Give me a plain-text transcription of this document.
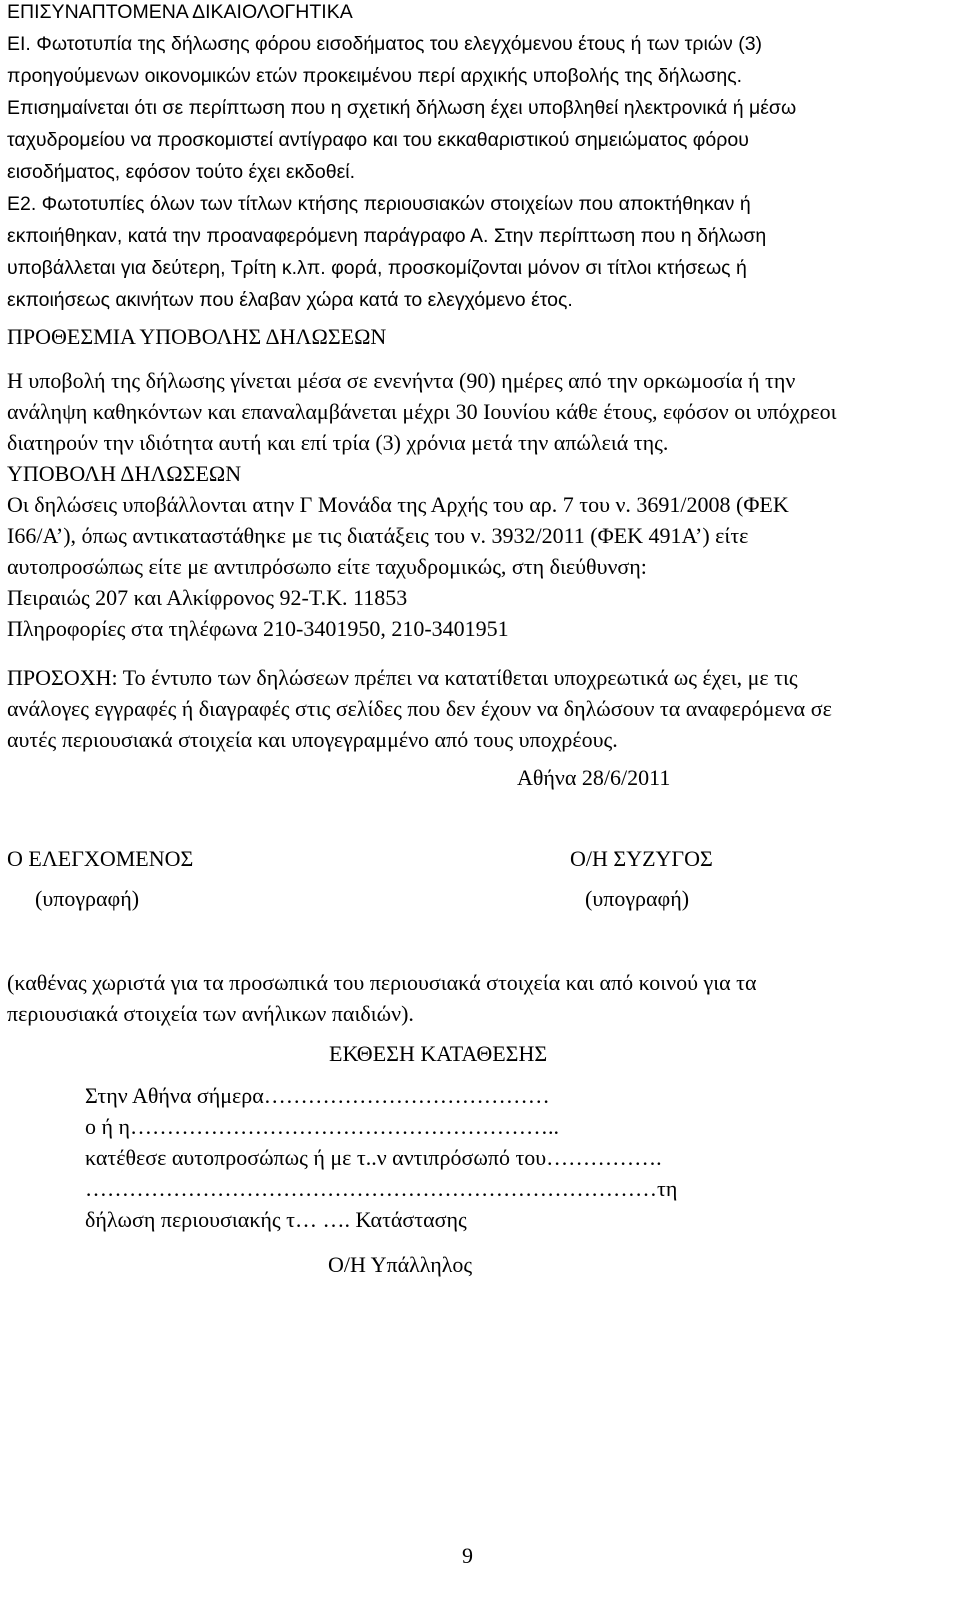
ΕΠΙΣΥΝΑΠΤΟΜΕΝΑ ΔΙΚΑΙΟΛΟΓΗΤΙΚΑ

ΕΙ. Φωτοτυπία της δήλωσης φόρου εισοδήματος του ελεγχόμενου έτους ή των τριών (3)

προηγούμενων οικονομικών ετών προκειμένου περί αρχικής υποβολής της δήλωσης.

Επισημαίνεται ότι σε περίπτωση που η σχετική δήλωση έχει υποβληθεί ηλεκτρονικά ή μέσω

ταχυδρομείου να προσκομιστεί αντίγραφο και του εκκαθαριστικού σημειώματος φόρου

εισοδήματος, εφόσον τούτο έχει εκδοθεί.

Ε2. Φωτοτυπίες όλων των τίτλων κτήσης περιουσιακών στοιχείων που αποκτήθηκαν ή

εκποιήθηκαν, κατά την προαναφερόμενη παράγραφο Α. Στην περίπτωση που η δήλωση

υποβάλλεται για δεύτερη, Τρίτη κ.λπ. φορά, προσκομίζονται μόνον σι τίτλοι κτήσεως ή

εκποιήσεως ακινήτων που έλαβαν χώρα κατά το ελεγχόμενο έτος.

ΠΡΟΘΕΣΜΙΑ ΥΠΟΒΟΛΗΣ ΔΗΛΩΣΕΩΝ

Η υποβολή της δήλωσης γίνεται μέσα σε ενενήντα (90) ημέρες από την ορκωμοσία ή την

ανάληψη καθηκόντων και επαναλαμβάνεται μέχρι 30 Ιουνίου κάθε έτους, εφόσον οι υπόχρεοι

διατηρούν την ιδιότητα αυτή και επί τρία (3) χρόνια μετά την απώλειά της.

ΥΠΟΒΟΛΗ ΔΗΛΩΣΕΩΝ

Οι δηλώσεις υποβάλλονται ατην Γ Μονάδα της Αρχής του αρ. 7 του ν. 3691/2008 (ΦΕΚ

Ι66/Α’), όπως αντικαταστάθηκε με τις διατάξεις του ν. 3932/2011 (ΦΕΚ 491Α’) είτε

αυτοπροσώπως είτε με αντιπρόσωπο είτε ταχυδρομικώς, στη διεύθυνση:

Πειραιώς 207 και Αλκίφρονος 92-Τ.Κ. 11853

Πληροφορίες στα τηλέφωνα 210-3401950, 210-3401951

ΠΡΟΣΟΧΗ: Το έντυπο των δηλώσεων πρέπει να κατατίθεται υποχρεωτικά ως έχει, με τις

ανάλογες εγγραφές ή διαγραφές στις σελίδες που δεν έχουν να δηλώσουν τα αναφερόμενα σε

αυτές περιουσιακά στοιχεία και υπογεγραμμένο από τους υποχρέους.

Αθήνα 28/6/2011
Ο ΕΛΕΓΧΟΜΕΝΟΣ
(υπογραφή)
Ο/Η ΣΥΖΥΓΟΣ
(υπογραφή)

(καθένας χωριστά για τα προσωπικά του περιουσιακά στοιχεία και από κοινού για τα

περιουσιακά στοιχεία των ανήλικων παιδιών).

ΕΚΘΕΣΗ ΚΑΤΑΘΕΣΗΣ

Στην Αθήνα σήμερα…………………………………

ο ή η…………………………………………………..

κατέθεσε αυτοπροσώπως ή με τ..ν αντιπρόσωπό του…………….

……………………………………………………………………τη

δήλωση περιουσιακής τ… …. Κατάστασης

Ο/Η Υπάλληλος
9
